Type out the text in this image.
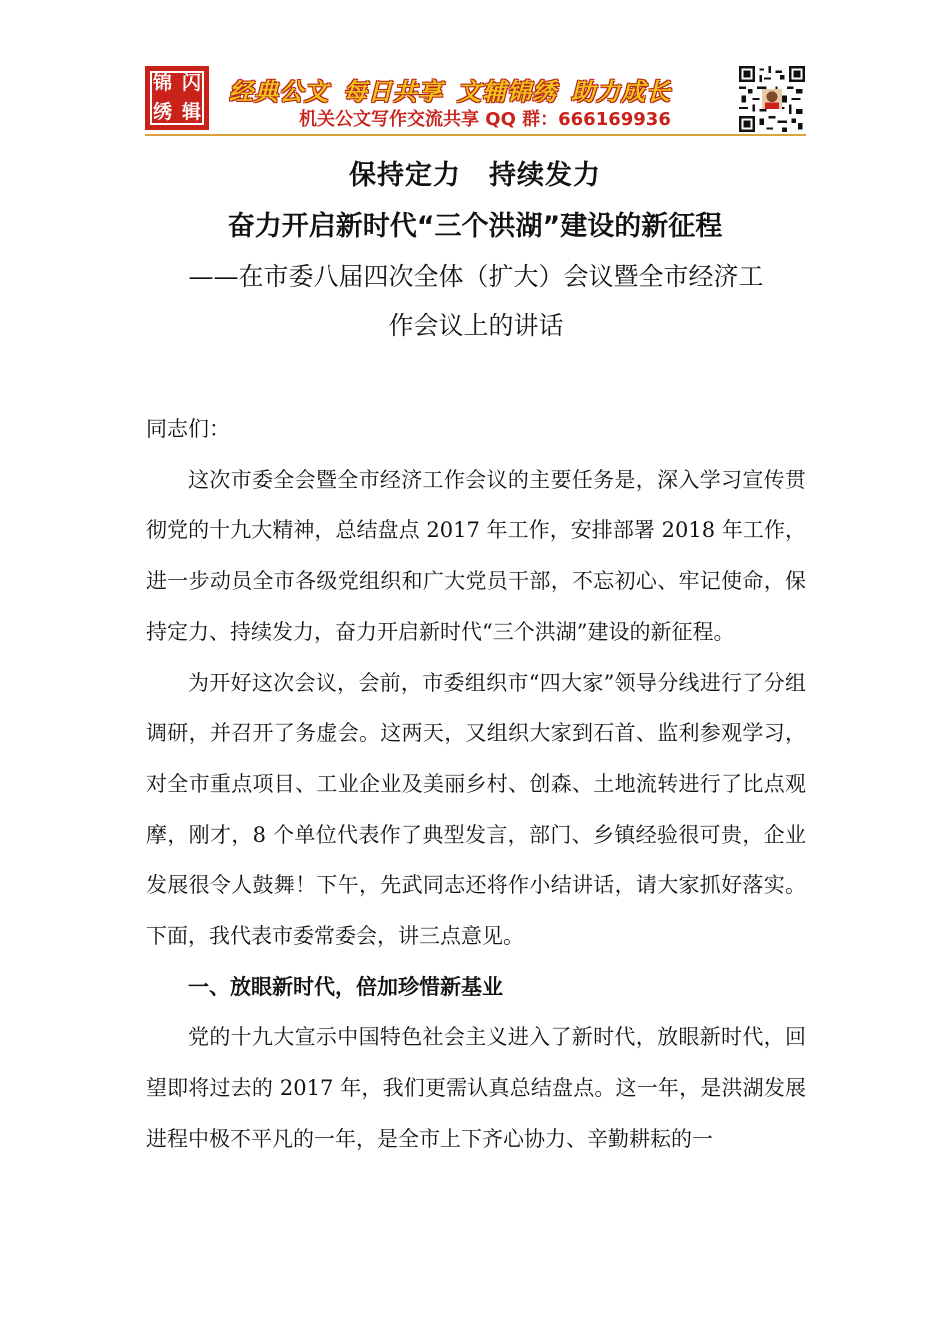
锦 闪
绣 辑
经典公文 每日共享 文辅锦绣 助力成长
机关公文写作交流共享 QQ 群：666169936
保持定力 持续发力
奋力开启新时代“三个洪湖”建设的新征程
——在市委八届四次全体（扩大）会议暨全市经济工
作会议上的讲话

同志们：

这次市委全会暨全市经济工作会议的主要任务是，深入学习宣传贯彻党的十九大精神，总结盘点 2017 年工作，安排部署 2018 年工作，进一步动员全市各级党组织和广大党员干部，不忘初心、牢记使命，保持定力、持续发力，奋力开启新时代“三个洪湖”建设的新征程。

为开好这次会议，会前，市委组织市“四大家”领导分线进行了分组调研，并召开了务虚会。这两天，又组织大家到石首、监利参观学习，对全市重点项目、工业企业及美丽乡村、创森、土地流转进行了比点观摩，刚才，8 个单位代表作了典型发言，部门、乡镇经验很可贵，企业发展很令人鼓舞！下午，先武同志还将作小结讲话，请大家抓好落实。下面，我代表市委常委会，讲三点意见。

一、放眼新时代，倍加珍惜新基业

党的十九大宣示中国特色社会主义进入了新时代，放眼新时代，回望即将过去的 2017 年，我们更需认真总结盘点。这一年，是洪湖发展进程中极不平凡的一年，是全市上下齐心协力、辛勤耕耘的一
